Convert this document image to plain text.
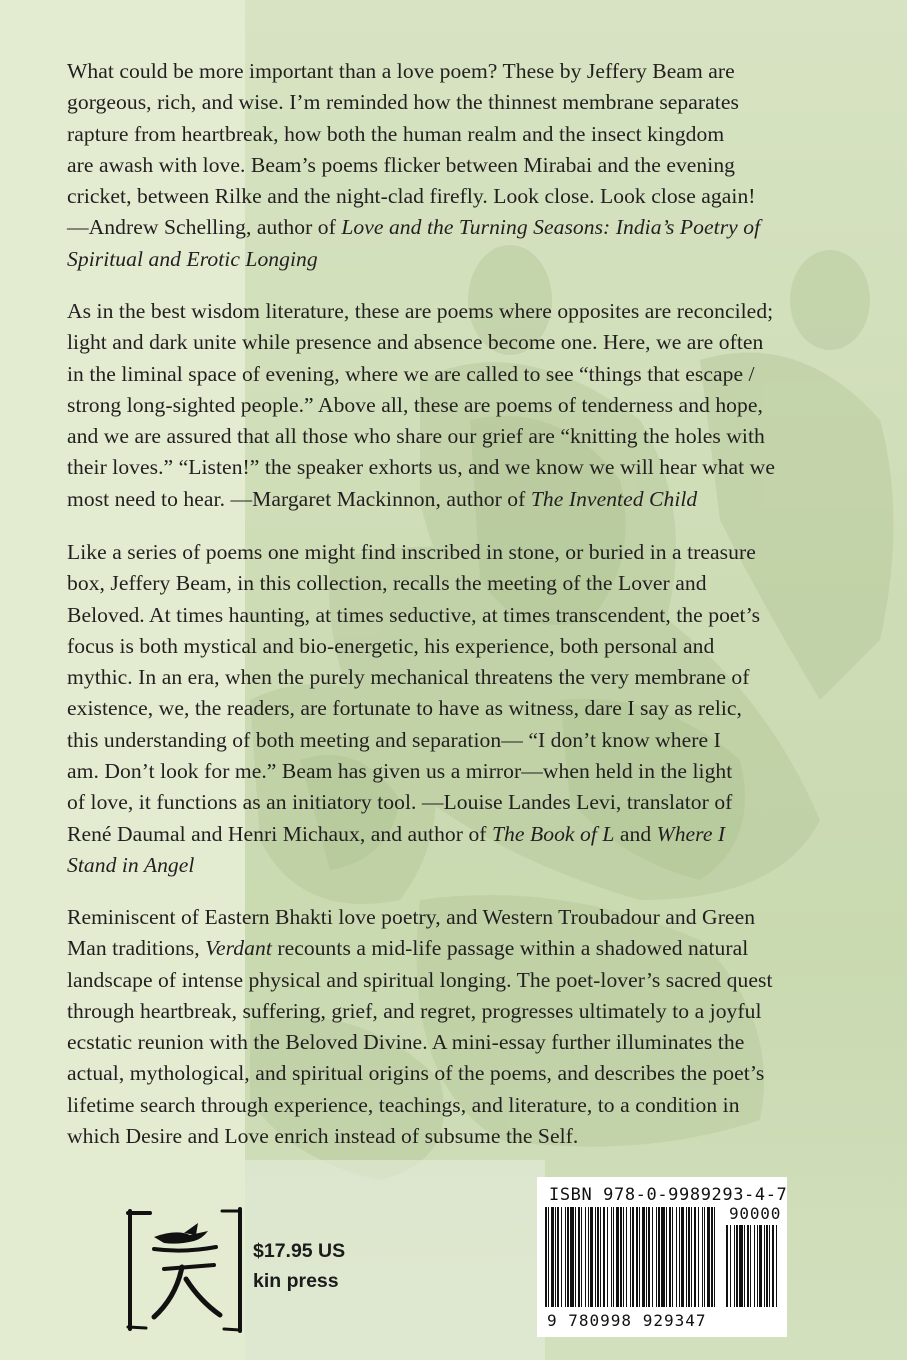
What could be more important than a love poem? These by Jeffery Beam are
gorgeous, rich, and wise. I’m reminded how the thinnest membrane separates
rapture from heartbreak, how both the human realm and the insect kingdom
are awash with love. Beam’s poems flicker between Mirabai and the evening
cricket, between Rilke and the night-clad firefly. Look close. Look close again!
—Andrew Schelling, author of Love and the Turning Seasons: India’s Poetry of
Spiritual and Erotic Longing
As in the best wisdom literature, these are poems where opposites are reconciled;
light and dark unite while presence and absence become one. Here, we are often
in the liminal space of evening, where we are called to see “things that escape /
strong long-sighted people.” Above all, these are poems of tenderness and hope,
and we are assured that all those who share our grief are “knitting the holes with
their loves.” “Listen!” the speaker exhorts us, and we know we will hear what we
most need to hear. —Margaret Mackinnon, author of The Invented Child
Like a series of poems one might find inscribed in stone, or buried in a treasure
box, Jeffery Beam, in this collection, recalls the meeting of the Lover and
Beloved. At times haunting, at times seductive, at times transcendent, the poet’s
focus is both mystical and bio-energetic, his experience, both personal and
mythic. In an era, when the purely mechanical threatens the very membrane of
existence, we, the readers, are fortunate to have as witness, dare I say as relic,
this understanding of both meeting and separation— “I don’t know where I
am. Don’t look for me.” Beam has given us a mirror—when held in the light
of love, it functions as an initiatory tool. —Louise Landes Levi, translator of
René Daumal and Henri Michaux, and author of The Book of L and Where I
Stand in Angel
Reminiscent of Eastern Bhakti love poetry, and Western Troubadour and Green
Man traditions, Verdant recounts a mid-life passage within a shadowed natural
landscape of intense physical and spiritual longing. The poet-lover’s sacred quest
through heartbreak, suffering, grief, and regret, progresses ultimately to a joyful
ecstatic reunion with the Beloved Divine. A mini-essay further illuminates the
actual, mythological, and spiritual origins of the poems, and describes the poet’s
lifetime search through experience, teachings, and literature, to a condition in
which Desire and Love enrich instead of subsume the Self.
$17.95 US
kin press
ISBN 978-0-9989293-4-7
90000
9 780998 929347
